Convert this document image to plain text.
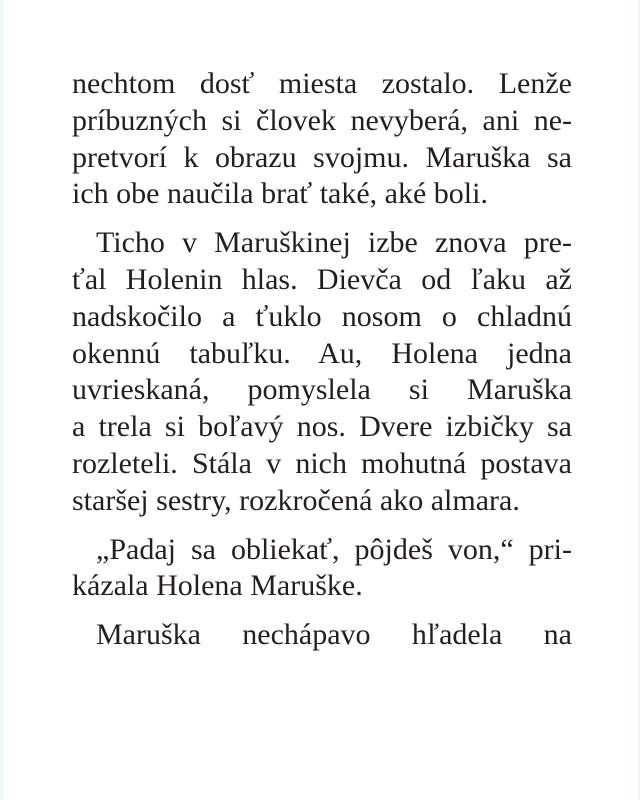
nechtom dosť miesta zostalo. Lenže
príbuzných si človek nevyberá, ani ne-
pretvorí k obrazu svojmu. Maruška sa
ich obe naučila brať také, aké boli.

Ticho v Maruškinej izbe znova pre-
ťal Holenin hlas. Dievča od ľaku až
nadskočilo a ťuklo nosom o chladnú
okennú tabuľku. Au, Holena jedna
uvrieskaná, pomyslela si Maruška
a trela si boľavý nos. Dvere izbičky sa
rozleteli. Stála v nich mohutná postava
staršej sestry, rozkročená ako almara.

„Padaj sa obliekať, pôjdeš von,“ pri-
kázala Holena Maruške.

Maruška nechápavo hľadela na
